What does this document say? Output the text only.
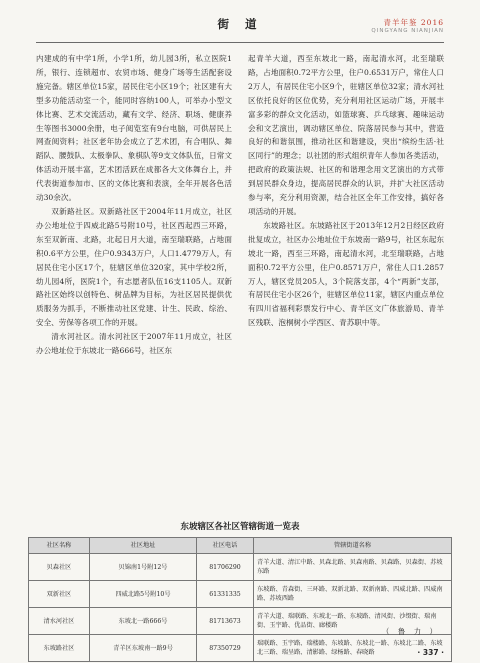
街 道	青羊年鉴 2016
QINGYANG NIANJIAN

内建成的有中学1所，小学1所，幼儿园3所，私立医院1所，银行、连锁超市、农贸市场、健身广场等生活配套设施完备。辖区单位15家，居民住宅小区19个；社区建有大型多功能活动室一个，能同时容纳100人，可举办小型文体比赛、艺术交流活动，藏有文学、经济、职场、健康养生等图书3000余册，电子阅览室有9台电脑，可供居民上网查阅资料；社区老年协会成立了艺术团，有合唱队、舞蹈队、腰鼓队、太极拳队、象棋队等9支文体队伍，日常文体活动开展丰富，艺术团活跃在成都各大文体舞台上，并代表街道参加市、区的文体比赛和表演，全年开展各色活动30余次。

双新路社区。双新路社区于2004年11月成立，社区办公地址位于四威北路5号附10号，社区西起西三环路，东至双新南、北路，北起日月大道，南至瑞联路，占地面积0.6平方公里，住户0.9343万户，人口1.4779万人，有居民住宅小区17个，驻辖区单位320家，其中学校2所，幼儿园4所，医院1个，有志愿者队伍16支1105人。双新路社区始终以创特色、树品牌为目标，为社区居民提供优质服务为抓手，不断推动社区党建、计生、民政、综治、安全、劳保等各项工作的开展。

清水河社区。清水河社区于2007年11月成立，社区办公地址位于东坡北一路666号，社区东

起青羊大道，西至东坡北一路，南起清水河，北至瑞联路，占地面积0.72平方公里，住户0.6531万户，常住人口2万人，有居民住宅小区9个，驻辖区单位32家；清水河社区依托良好的区位优势，充分利用社区运动广场，开展丰富多彩的群众文化活动，如篮球赛、乒乓球赛、趣味运动会和文艺演出，调动辖区单位、院落居民参与其中，营造良好的和谐氛围，推动社区和谐建设，突出“缤纷生活·社区同行”的理念；以社团的形式组织青年人参加各类活动，把政府的政策法规、社区的和谐理念用文艺演出的方式带到居民群众身边，提高居民群众的认识，并扩大社区活动参与率，充分利用资源，结合社区全年工作安排，搞好各项活动的开展。

东坡路社区。东坡路社区于2013年12月2日经区政府批复成立，社区办公地址位于东坡南一路9号，社区东起东坡北一路，西至三环路，南起清水河，北至瑞联路，占地面积0.72平方公里，住户0.8571万户，常住人口1.2857万人，辖区党员205人，3个院落支部，4个“两新”支部，有居民住宅小区26个，驻辖区单位11家，辖区内重点单位有四川省福利彩票发行中心、青羊区文广体旅游局、青羊区残联、泡桐树小学西区、青苏职中等。

东坡辖区各社区管辖街道一览表
社区名称	社区地址	社区电话	管辖街道名称
贝森社区	贝锦南1号附12号	81706290	青羊大道、清江中路、贝森北路、贝森南路、贝森路、贝森街、苏坡东路
双新社区	四威北路5号附10号	61331335	东坡路、青森街、三环路、双新北路、双新南路、四威北路、四威南路、苏坡西路
清水河社区	东坡北一路666号	81713673	青羊大道、瑞联路、东坡北一路、东坡路、清风街、沙缀街、瑞南街、玉宇路、优品街、廊楼路
东坡路社区	青羊区东坡南一路9号	87350729	瑞联路、玉宇路、瑞楼路、东坡路、东坡北一路、东坡北二路、东坡北三路、瑞呈路、清影路、绿杨路、春晓路
（ 鲁 力 ）
· 337 ·
